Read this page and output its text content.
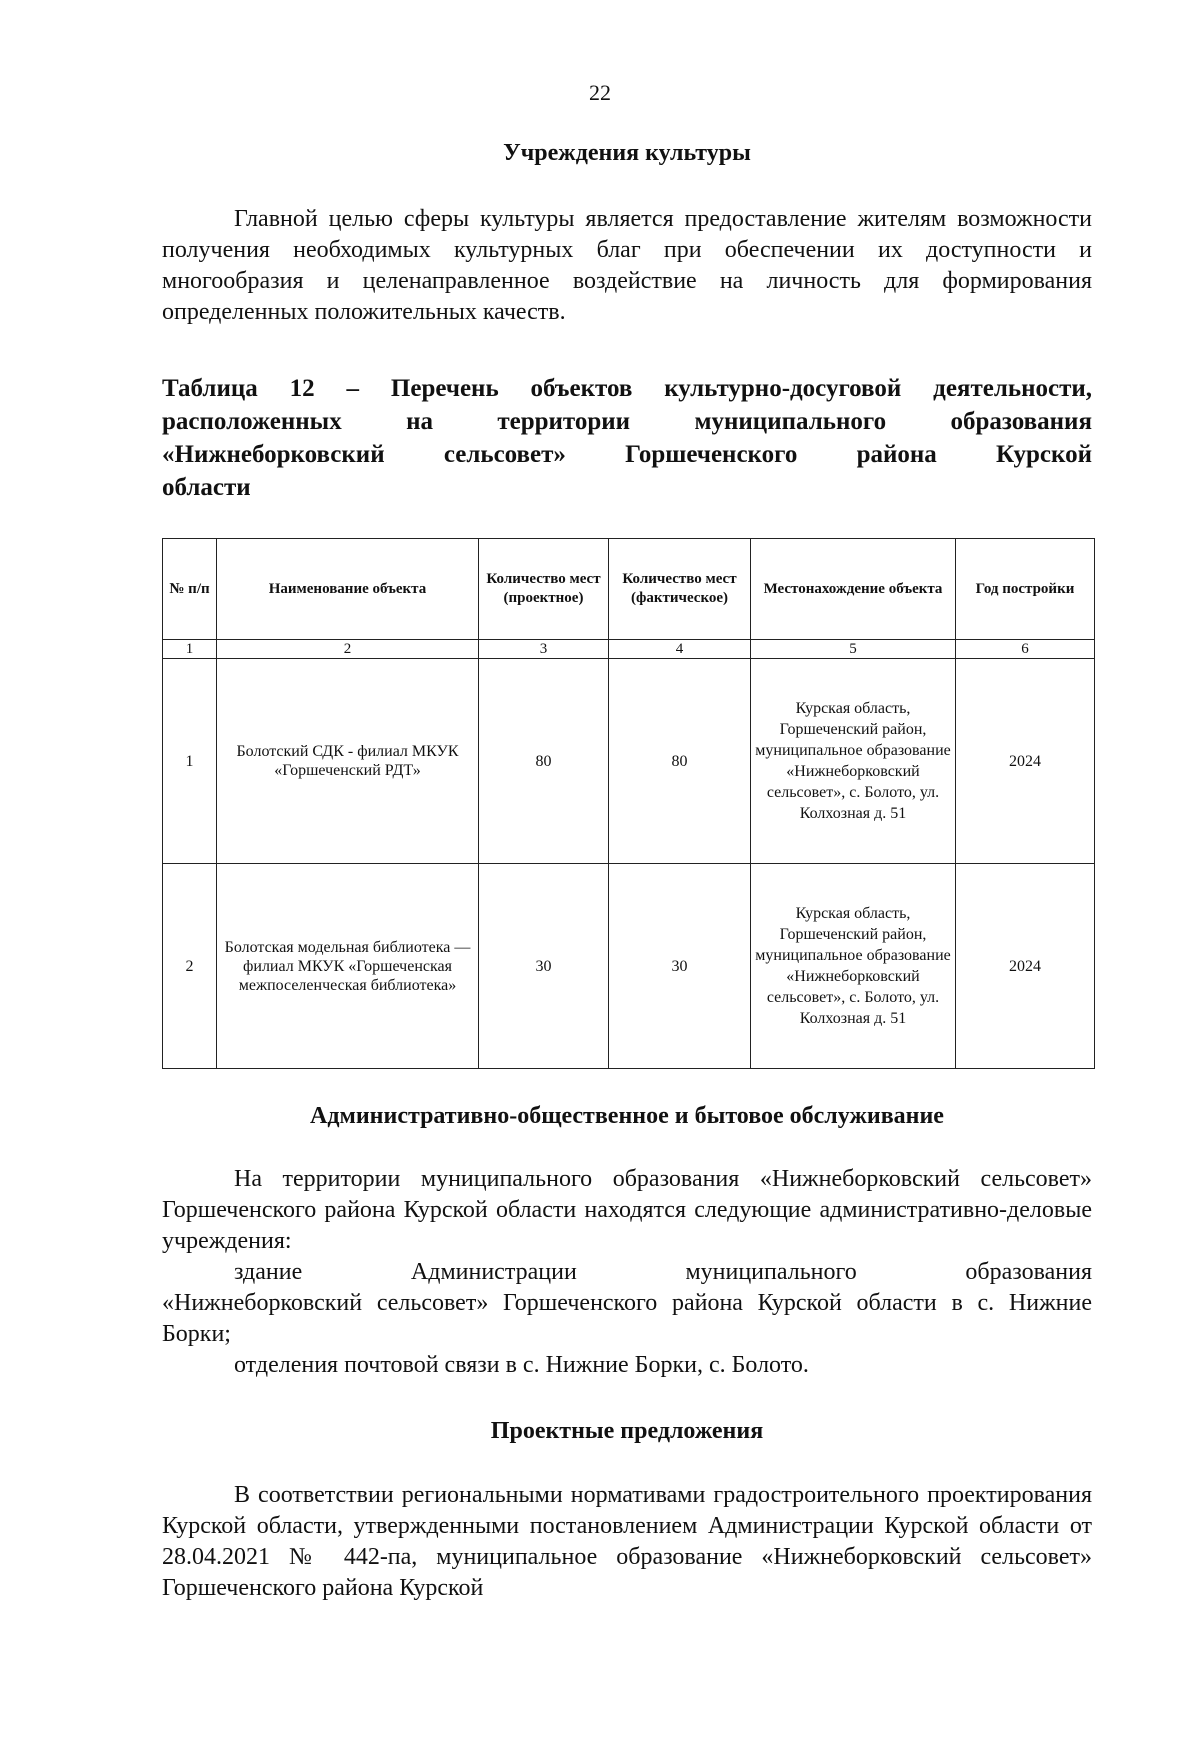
22
Учреждения культуры
Главной целью сферы культуры является предоставление жителям возможности получения необходимых культурных благ при обеспечении их доступности и многообразия и целенаправленное воздействие на личность для формирования определенных положительных качеств.
Таблица 12 – Перечень объектов культурно-досуговой деятельности,
расположенных на территории муниципального образования
«Нижнеборковский сельсовет» Горшеченского района Курской
области
№ п/п	Наименование объекта	Количество мест (проектное)	Количество мест (фактическое)	Местонахождение объекта	Год постройки
1	2	3	4	5	6
1	Болотский СДК - филиал МКУК «Горшеченский РДТ»	80	80	Курская область, Горшеченский район, муниципальное образование «Нижнеборковский сельсовет», с. Болото, ул. Колхозная д. 51	2024
2	Болотская модельная библиотека — филиал МКУК «Горшеченская межпоселенческая библиотека»	30	30	Курская область, Горшеченский район, муниципальное образование «Нижнеборковский сельсовет», с. Болото, ул. Колхозная д. 51	2024
Административно-общественное и бытовое обслуживание
На территории муниципального образования «Нижнеборковский сельсовет» Горшеченского района Курской области находятся следующие административно-деловые учреждения:
здание Администрации муниципального образования
«Нижнеборковский сельсовет» Горшеченского района Курской области в с. Нижние Борки;
отделения почтовой связи в с. Нижние Борки, с. Болото.
Проектные предложения
В соответствии региональными нормативами градостроительного проектирования Курской области, утвержденными постановлением Администрации Курской области от 28.04.2021 № 442-па, муниципальное образование «Нижнеборковский сельсовет» Горшеченского района Курской
